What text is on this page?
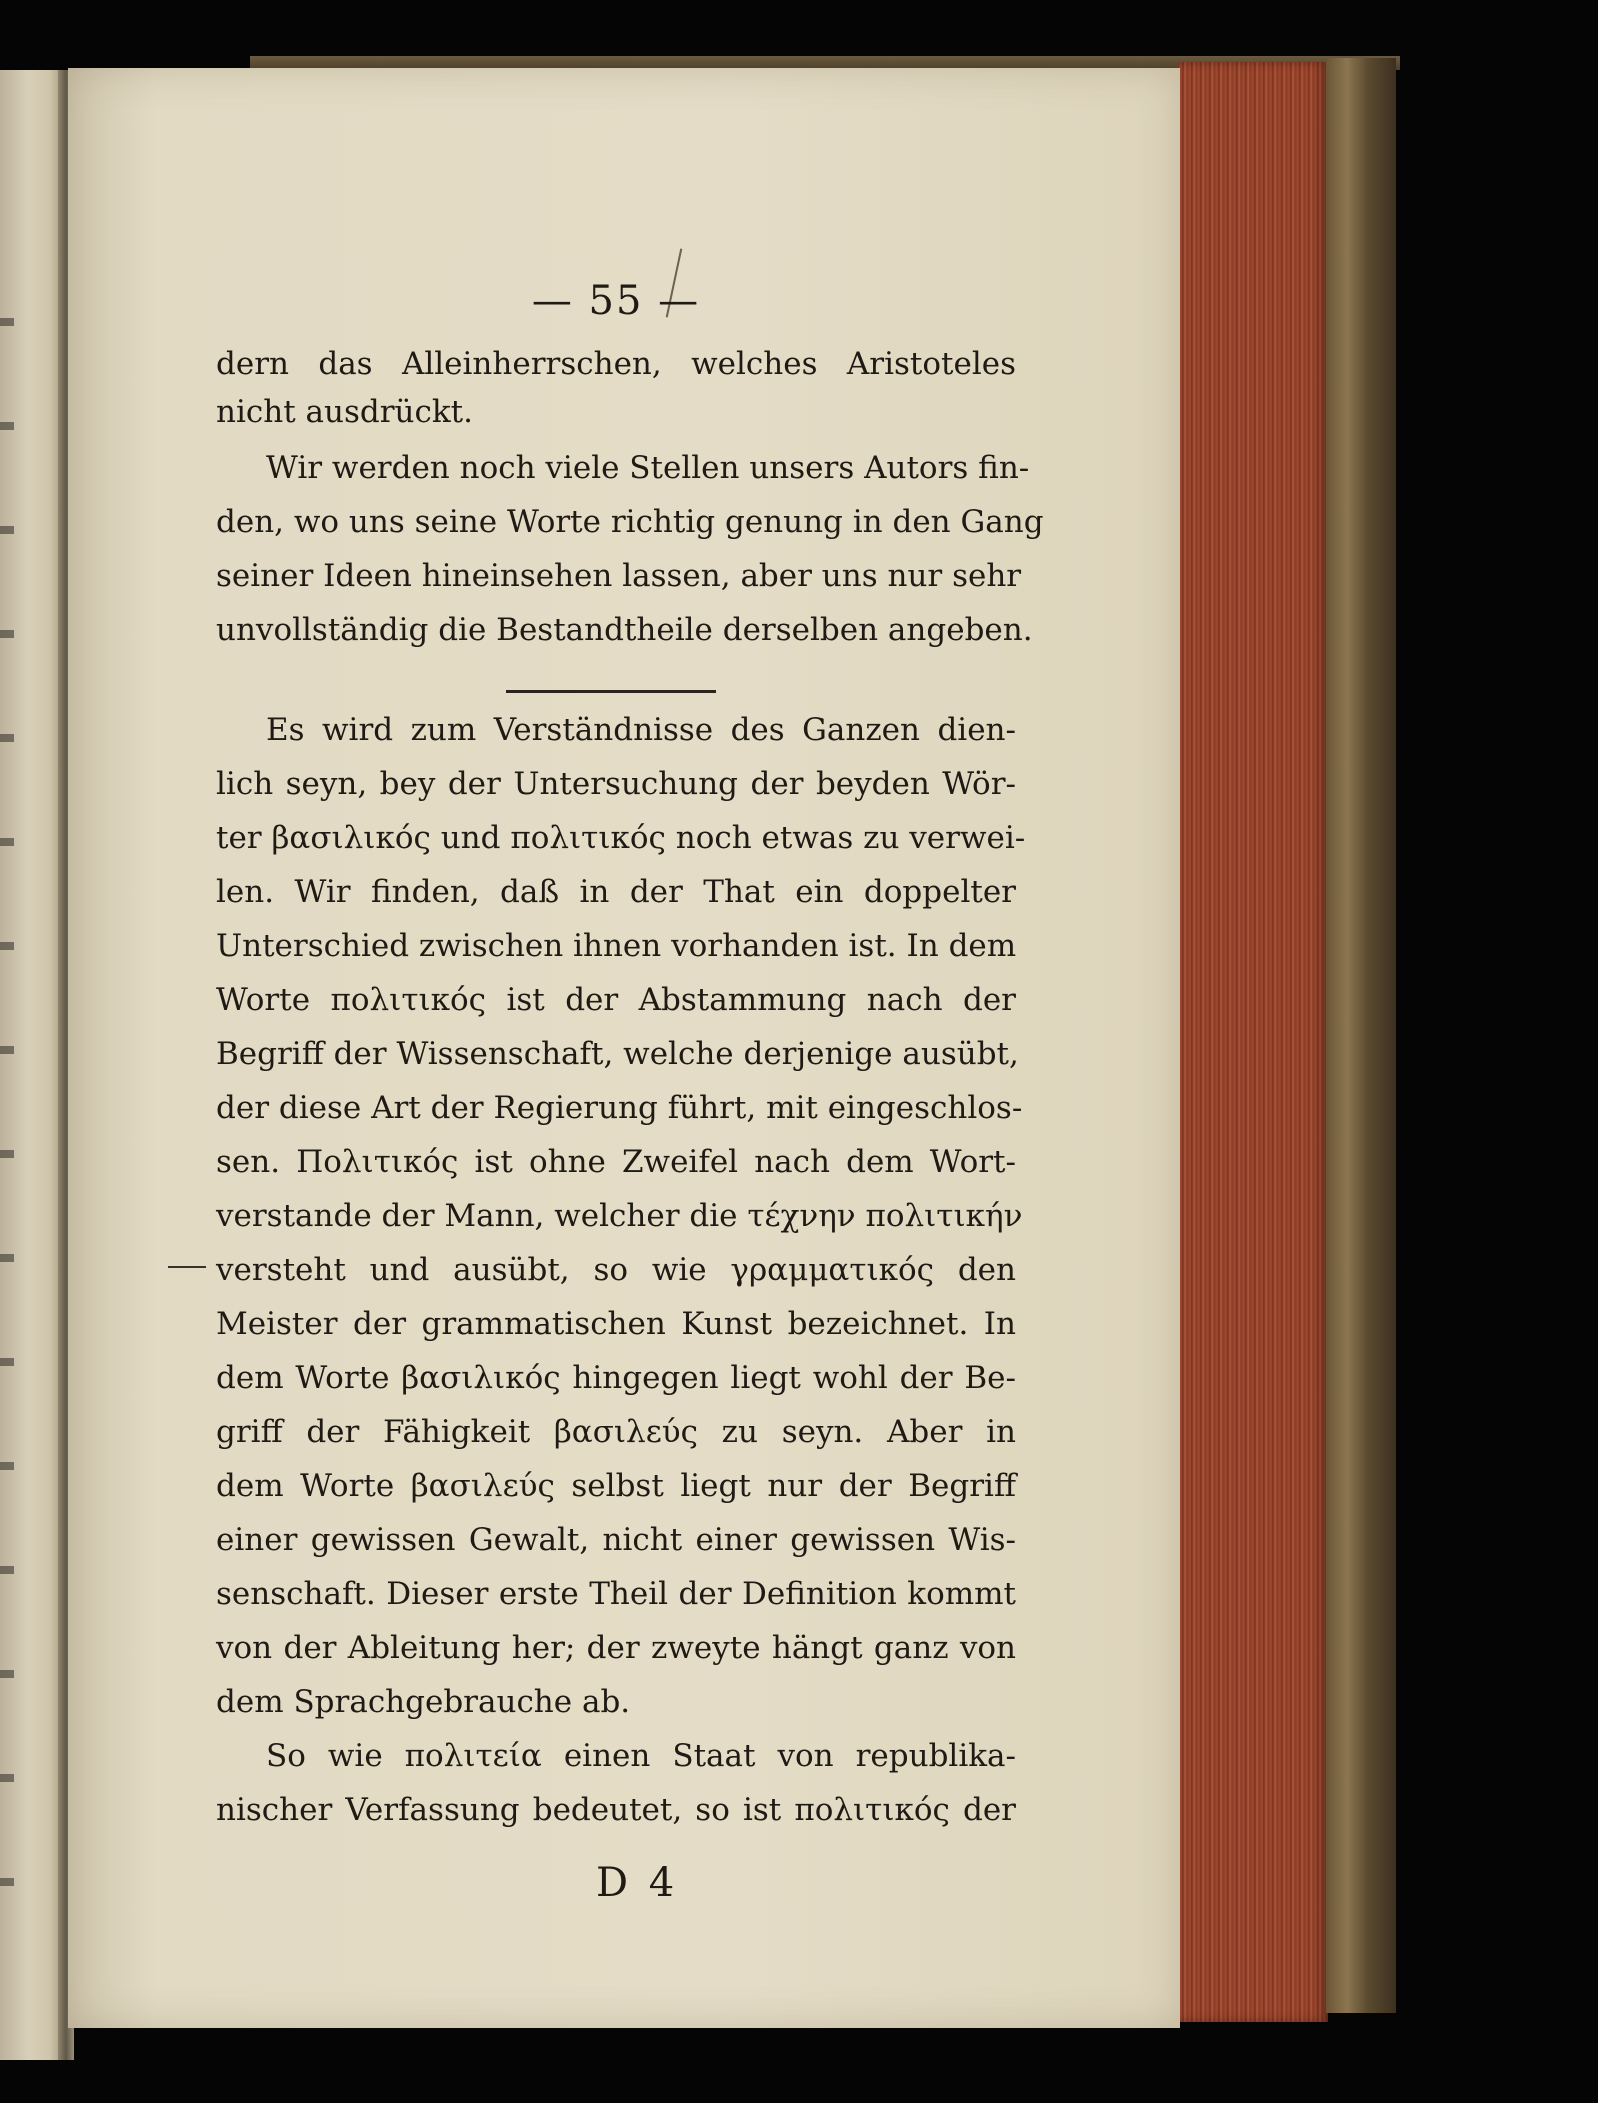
— 55 —
dern das Alleinherrschen, welches Aristoteles
nicht ausdrückt.
Wir werden noch viele Stellen unsers Autors fin-
den, wo uns seine Worte richtig genung in den Gang
seiner Ideen hineinsehen lassen, aber uns nur sehr
unvollständig die Bestandtheile derselben angeben.
Es wird zum Verständnisse des Ganzen dien-
lich seyn, bey der Untersuchung der beyden Wör-
ter βασιλικός und πολιτικός noch etwas zu verwei-
len. Wir finden, daß in der That ein doppelter
Unterschied zwischen ihnen vorhanden ist. In dem
Worte πολιτικός ist der Abstammung nach der
Begriff der Wissenschaft, welche derjenige ausübt,
der diese Art der Regierung führt, mit eingeschlos-
sen. Πολιτικός ist ohne Zweifel nach dem Wort-
verstande der Mann, welcher die τέχνην πολιτικήν
versteht und ausübt, so wie γραμματικός den
Meister der grammatischen Kunst bezeichnet. In
dem Worte βασιλικός hingegen liegt wohl der Be-
griff der Fähigkeit βασιλεύς zu seyn. Aber in
dem Worte βασιλεύς selbst liegt nur der Begriff
einer gewissen Gewalt, nicht einer gewissen Wis-
senschaft. Dieser erste Theil der Definition kommt
von der Ableitung her; der zweyte hängt ganz von
dem Sprachgebrauche ab.
So wie πολιτεία einen Staat von republika-
nischer Verfassung bedeutet, so ist πολιτικός der
D 4
